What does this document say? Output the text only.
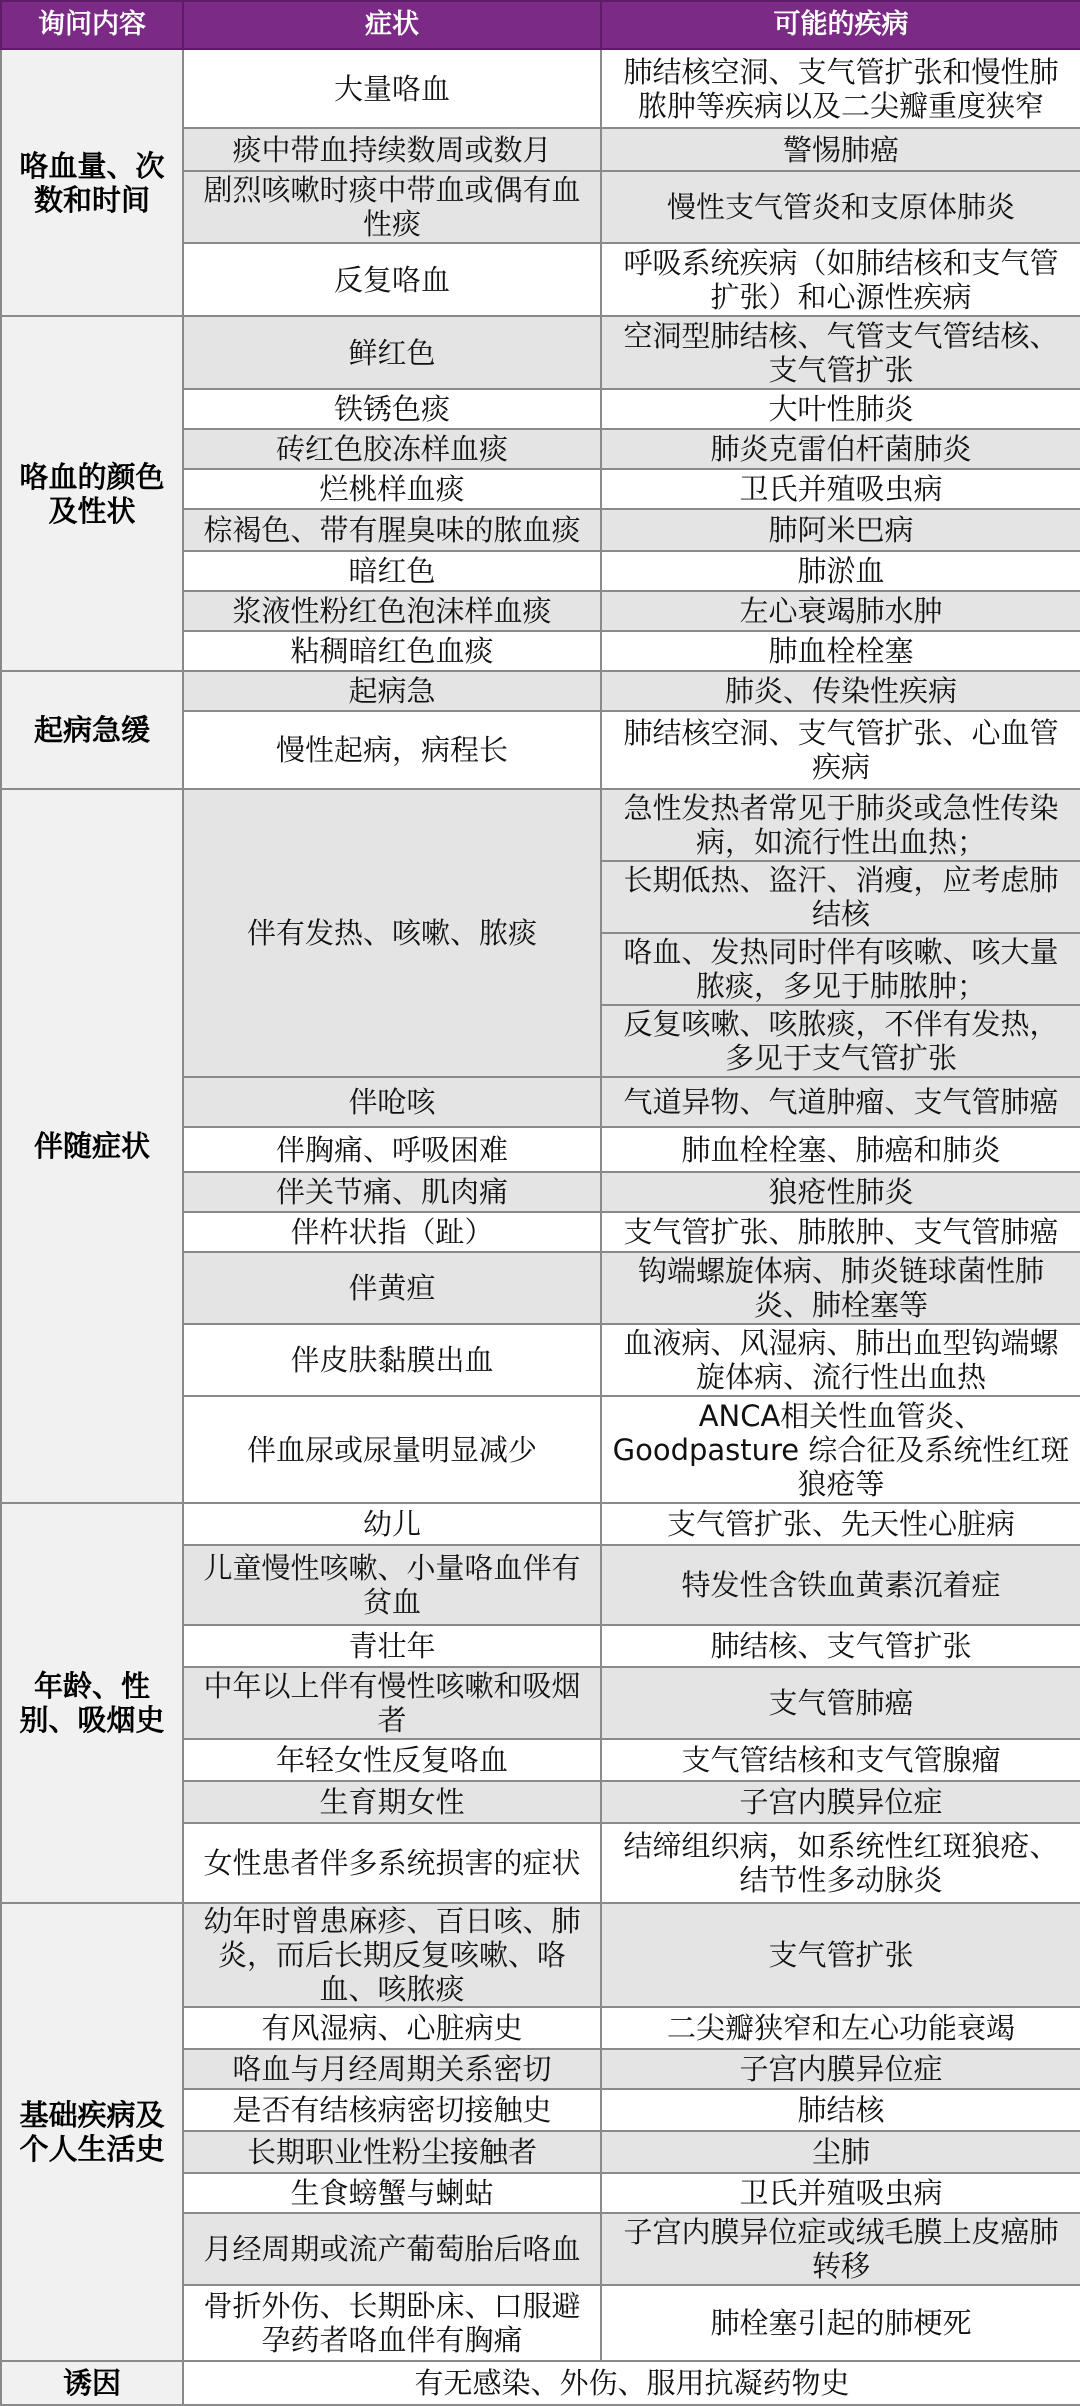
询问内容	症状	可能的疾病
咯血量、次数和时间	大量咯血	肺结核空洞、支气管扩张和慢性肺脓肿等疾病以及二尖瓣重度狭窄
	痰中带血持续数周或数月	警惕肺癌
	剧烈咳嗽时痰中带血或偶有血性痰	慢性支气管炎和支原体肺炎
	反复咯血	呼吸系统疾病（如肺结核和支气管扩张）和心源性疾病
咯血的颜色及性状	鲜红色	空洞型肺结核、气管支气管结核、支气管扩张
	铁锈色痰	大叶性肺炎
	砖红色胶冻样血痰	肺炎克雷伯杆菌肺炎
	烂桃样血痰	卫氏并殖吸虫病
	棕褐色、带有腥臭味的脓血痰	肺阿米巴病
	暗红色	肺淤血
	浆液性粉红色泡沫样血痰	左心衰竭肺水肿
	粘稠暗红色血痰	肺血栓栓塞
起病急缓	起病急	肺炎、传染性疾病
	慢性起病，病程长	肺结核空洞、支气管扩张、心血管疾病
伴随症状	伴有发热、咳嗽、脓痰	急性发热者常见于肺炎或急性传染病，如流行性出血热；
		长期低热、盗汗、消瘦，应考虑肺结核
		咯血、发热同时伴有咳嗽、咳大量脓痰，多见于肺脓肿；
		反复咳嗽、咳脓痰，不伴有发热，多见于支气管扩张
	伴呛咳	气道异物、气道肿瘤、支气管肺癌
	伴胸痛、呼吸困难	肺血栓栓塞、肺癌和肺炎
	伴关节痛、肌肉痛	狼疮性肺炎
	伴杵状指（趾）	支气管扩张、肺脓肿、支气管肺癌
	伴黄疸	钩端螺旋体病、肺炎链球菌性肺炎、肺栓塞等
	伴皮肤黏膜出血	血液病、风湿病、肺出血型钩端螺旋体病、流行性出血热
	伴血尿或尿量明显减少	ANCA相关性血管炎、Goodpasture 综合征及系统性红斑狼疮等
年龄、性别、吸烟史	幼儿	支气管扩张、先天性心脏病
	儿童慢性咳嗽、小量咯血伴有贫血	特发性含铁血黄素沉着症
	青壮年	肺结核、支气管扩张
	中年以上伴有慢性咳嗽和吸烟者	支气管肺癌
	年轻女性反复咯血	支气管结核和支气管腺瘤
	生育期女性	子宫内膜异位症
	女性患者伴多系统损害的症状	结缔组织病，如系统性红斑狼疮、结节性多动脉炎
基础疾病及个人生活史	幼年时曾患麻疹、百日咳、肺炎，而后长期反复咳嗽、咯血、咳脓痰	支气管扩张
	有风湿病、心脏病史	二尖瓣狭窄和左心功能衰竭
	咯血与月经周期关系密切	子宫内膜异位症
	是否有结核病密切接触史	肺结核
	长期职业性粉尘接触者	尘肺
	生食螃蟹与蝲蛄	卫氏并殖吸虫病
	月经周期或流产葡萄胎后咯血	子宫内膜异位症或绒毛膜上皮癌肺转移
	骨折外伤、长期卧床、口服避孕药者咯血伴有胸痛	肺栓塞引起的肺梗死
诱因	有无感染、外伤、服用抗凝药物史	
